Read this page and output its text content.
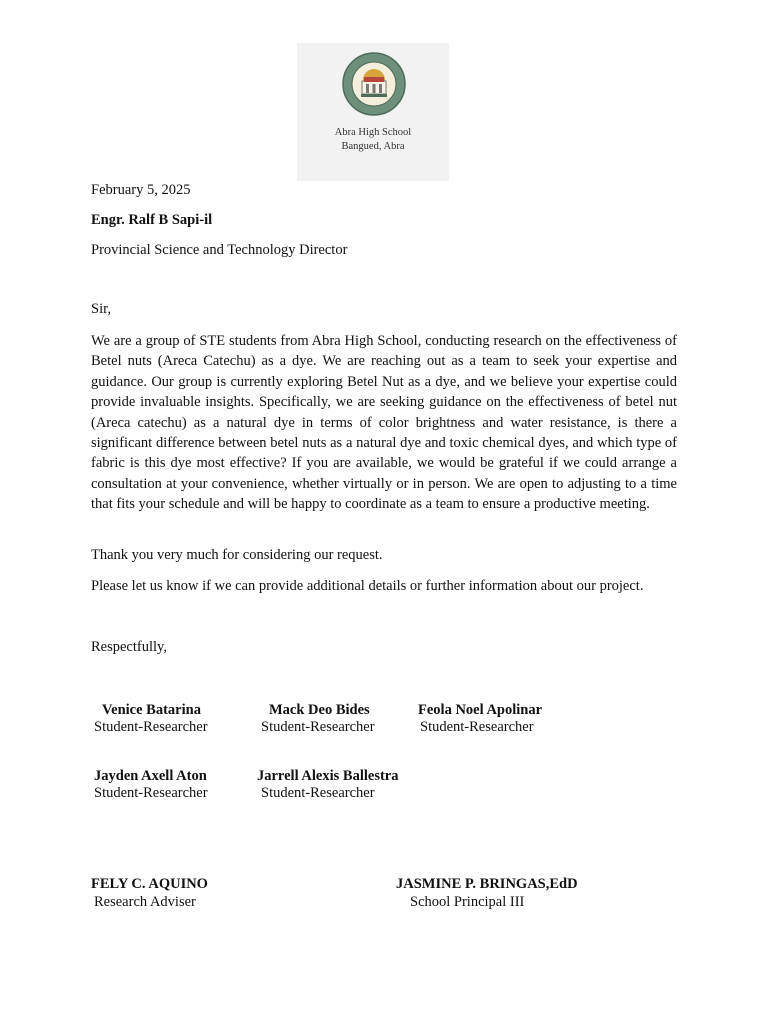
Abra High School
Bangued, Abra
February 5, 2025
Engr. Ralf B Sapi-il
Provincial Science and Technology Director
Sir,
We are a group of STE students from Abra High School, conducting research on the effectiveness of Betel nuts (Areca Catechu) as a dye. We are reaching out as a team to seek your expertise and guidance. Our group is currently exploring Betel Nut as a dye, and we believe your expertise could provide invaluable insights. Specifically, we are seeking guidance on the effectiveness of betel nut (Areca catechu) as a natural dye in terms of color brightness and water resistance, is there a significant difference between betel nuts as a natural dye and toxic chemical dyes, and which type of fabric is this dye most effective? If you are available, we would be grateful if we could arrange a consultation at your convenience, whether virtually or in person. We are open to adjusting to a time that fits your schedule and will be happy to coordinate as a team to ensure a productive meeting.
Thank you very much for considering our request.
Please let us know if we can provide additional details or further information about our project.
Respectfully,
Venice Batarina
Student-Researcher
Mack Deo Bides
Student-Researcher
Feola Noel Apolinar
Student-Researcher
Jayden Axell Aton
Student-Researcher
Jarrell Alexis Ballestra
Student-Researcher
FELY C. AQUINO
Research Adviser
JASMINE P. BRINGAS,EdD
School Principal III
